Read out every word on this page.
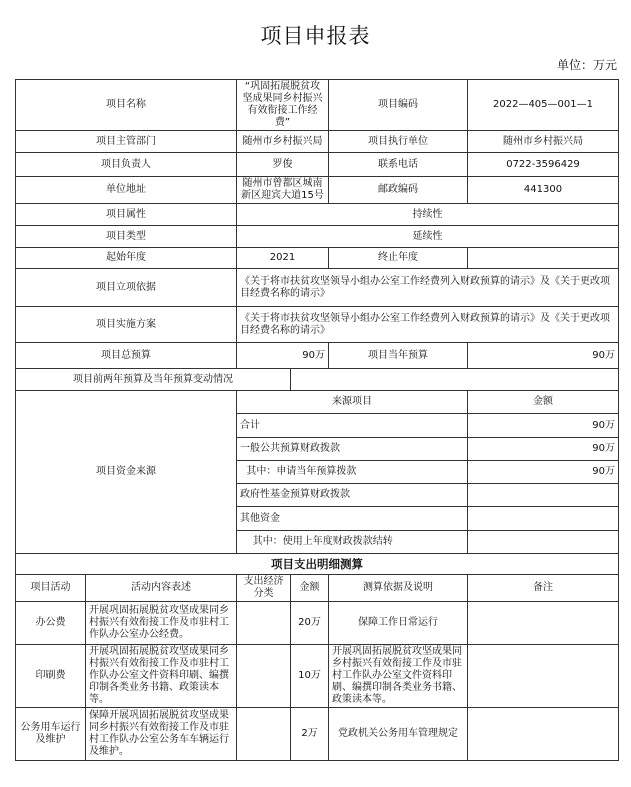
项目申报表
单位：万元
项目名称		“巩固拓展脱贫攻坚成果同乡村振兴有效衔接工作经费”		项目编码	2022—405—001—1
项目主管部门		随州市乡村振兴局		项目执行单位	随州市乡村振兴局
项目负责人		罗俊		联系电话	0722-3596429
单位地址		随州市曾都区城南新区迎宾大道15号		邮政编码	441300
项目属性		持续性			
项目类型		延续性			
起始年度		2021		终止年度	
项目立项依据		《关于将市扶贫攻坚领导小组办公室工作经费列入财政预算的请示》及《关于更改项目经费名称的请示》			
项目实施方案		《关于将市扶贫攻坚领导小组办公室工作经费列入财政预算的请示》及《关于更改项目经费名称的请示》			
项目总预算		90万		项目当年预算	90万
项目前两年预算及当年预算变动情况					
项目资金来源		来源项目			金额
		合计			90万
		一般公共预算财政拨款			90万
		其中：申请当年预算拨款			90万
		政府性基金预算财政拨款			
		其他资金			
		其中：使用上年度财政拨款结转			
项目支出明细测算					
项目活动	活动内容表述	支出经济分类	金额	测算依据及说明	备注
办公费	开展巩固拓展脱贫攻坚成果同乡村振兴有效衔接工作及市驻村工作队办公室办公经费。		20万	保障工作日常运行	
印刷费	开展巩固拓展脱贫攻坚成果同乡村振兴有效衔接工作及市驻村工作队办公室文件资料印刷、编撰印制各类业务书籍、政策读本等。		10万	开展巩固拓展脱贫攻坚成果同乡村振兴有效衔接工作及市驻村工作队办公室文件资料印刷、编撰印制各类业务书籍、政策读本等。	
公务用车运行及维护	保障开展巩固拓展脱贫攻坚成果同乡村振兴有效衔接工作及市驻村工作队办公室公务车车辆运行及维护。		2万	党政机关公务用车管理规定	
